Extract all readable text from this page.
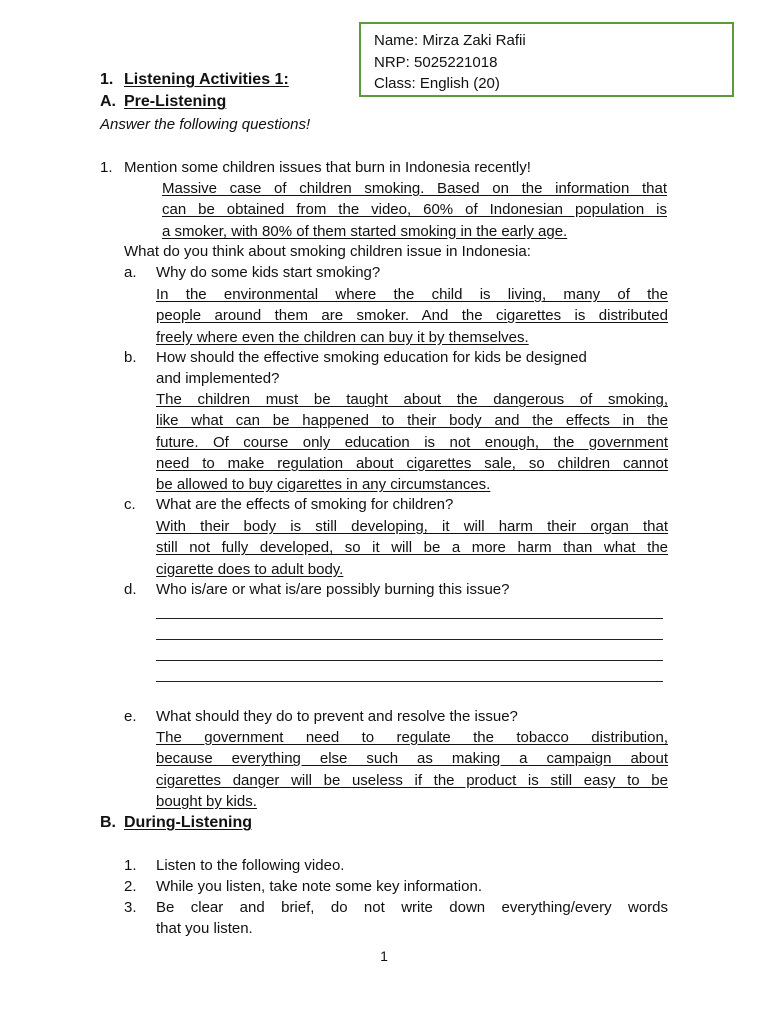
Name: Mirza Zaki Rafii
NRP: 5025221018
Class: English (20)
1. Listening Activities 1:
A. Pre-Listening
Answer the following questions!
1. Mention some children issues that burn in Indonesia recently!
Massive case of children smoking. Based on the information that
can be obtained from the video, 60% of Indonesian population is
a smoker, with 80% of them started smoking in the early age.
What do you think about smoking children issue in Indonesia:
a. Why do some kids start smoking?
In the environmental where the child is living, many of the
people around them are smoker. And the cigarettes is distributed
freely where even the children can buy it by themselves.
b. How should the effective smoking education for kids be designed
and implemented?
The children must be taught about the dangerous of smoking,
like what can be happened to their body and the effects in the
future. Of course only education is not enough, the government
need to make regulation about cigarettes sale, so children cannot
be allowed to buy cigarettes in any circumstances.
c. What are the effects of smoking for children?
With their body is still developing, it will harm their organ that
still not fully developed, so it will be a more harm than what the
cigarette does to adult body.
d. Who is/are or what is/are possibly burning this issue?
e. What should they do to prevent and resolve the issue?
The government need to regulate the tobacco distribution,
because everything else such as making a campaign about
cigarettes danger will be useless if the product is still easy to be
bought by kids.
B. During-Listening
1. Listen to the following video.
2. While you listen, take note some key information.
3. Be clear and brief, do not write down everything/every words
that you listen.
1
